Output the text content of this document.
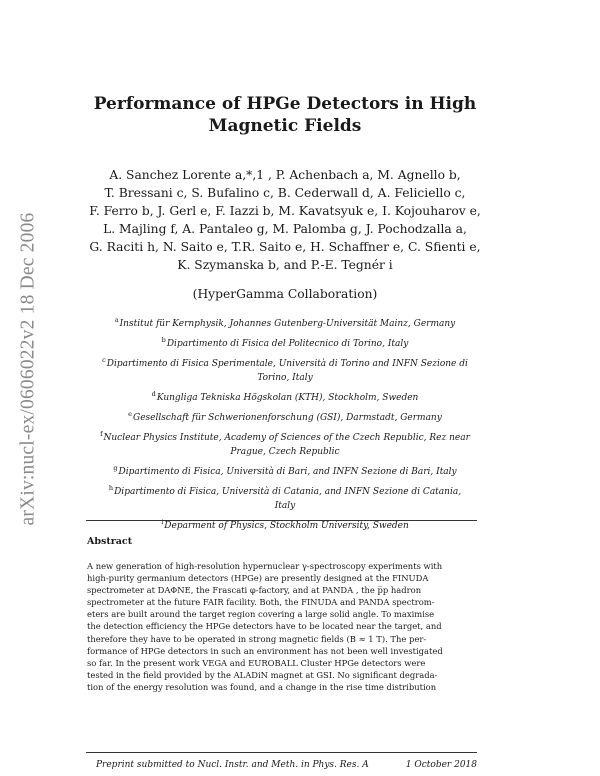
arXiv:nucl-ex/0606022v2 18 Dec 2006
Performance of HPGe Detectors in High
Magnetic Fields
A. Sanchez Lorente a,*,1 , P. Achenbach a, M. Agnello b,
T. Bressani c, S. Bufalino c, B. Cederwall d, A. Feliciello c,
F. Ferro b, J. Gerl e, F. Iazzi b, M. Kavatsyuk e, I. Kojouharov e,
L. Majling f, A. Pantaleo g, M. Palomba g, J. Pochodzalla a,
G. Raciti h, N. Saito e, T.R. Saito e, H. Schaffner e, C. Sfienti e,
K. Szymanska b, and P.-E. Tegnér i
(HyperGamma Collaboration)
$^a$Institut für Kernphysik, Johannes Gutenberg-Universität Mainz, Germany
$^b$Dipartimento di Fisica del Politecnico di Torino, Italy
$^c$Dipartimento di Fisica Sperimentale, Università di Torino and INFN Sezione di
Torino, Italy
$^d$Kungliga Tekniska Högskolan (KTH), Stockholm, Sweden
$^e$Gesellschaft für Schwerionenforschung (GSI), Darmstadt, Germany
$^f$Nuclear Physics Institute, Academy of Sciences of the Czech Republic, Rez near
Prague, Czech Republic
$^g$Dipartimento di Fisica, Università di Bari, and INFN Sezione di Bari, Italy
$^h$Dipartimento di Fisica, Università di Catania, and INFN Sezione di Catania,
Italy
$^i$Deparment of Physics, Stockholm University, Sweden
Abstract
A new generation of high-resolution hypernuclear γ-spectroscopy experiments with
high-purity germanium detectors (HPGe) are presently designed at the FINUDA
spectrometer at DAΦNE, the Frascati φ-factory, and at PANDA , the p̅p hadron
spectrometer at the future FAIR facility. Both, the FINUDA and PANDA spectrom-
eters are built around the target region covering a large solid angle. To maximise
the detection efficiency the HPGe detectors have to be located near the target, and
therefore they have to be operated in strong magnetic fields (B ≈ 1 T). The per-
formance of HPGe detectors in such an environment has not been well investigated
so far. In the present work VEGA and EUROBALL Cluster HPGe detectors were
tested in the field provided by the ALADiN magnet at GSI. No significant degrada-
tion of the energy resolution was found, and a change in the rise time distribution
Preprint submitted to Nucl. Instr. and Meth. in Phys. Res. A	1 October 2018
